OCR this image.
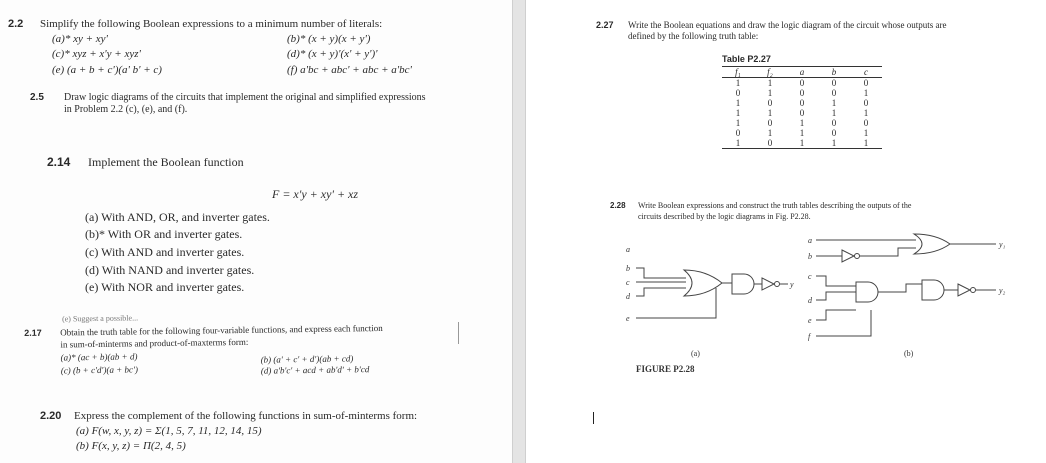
2.2 Simplify the following Boolean expressions to a minimum number of literals:
(a)* xy + xy'
(c)* xyz + x'y + xyz'
(e) (a + b + c')(a' b' + c)
(b)* (x + y)(x + y')
(d)* (x + y)'(x' + y')'
(f) a'bc + abc' + abc + a'bc'
2.5 Draw logic diagrams of the circuits that implement the original and simplified expressions
in Problem 2.2 (c), (e), and (f).
2.14 Implement the Boolean function
F = x'y + xy' + xz
(a) With AND, OR, and inverter gates.
(b)* With OR and inverter gates.
(c) With AND and inverter gates.
(d) With NAND and inverter gates.
(e) With NOR and inverter gates.
(e) Suggest a possible...
2.17 Obtain the truth table for the following four-variable functions, and express each function
in sum-of-minterms and product-of-maxterms form:
(a)* (ac + b)(ab + d)
(c) (b + c'd')(a + bc')
(b) (a' + c' + d')(ab + cd)
(d) a'b'c' + acd + ab'd' + b'cd
2.20 Express the complement of the following functions in sum-of-minterms form:
(a) F(w, x, y, z) = Σ(1, 5, 7, 11, 12, 14, 15)
(b) F(x, y, z) = Π(2, 4, 5)
2.27 Write the Boolean equations and draw the logic diagram of the circuit whose outputs are
defined by the following truth table:
Table P2.27
f₁	f₂	a	b	c
1	1	0	0	0
0	1	0	0	1
1	0	0	1	0
1	1	0	1	1
1	0	1	0	0
0	1	1	0	1
1	0	1	1	1
2.28 Write Boolean expressions and construct the truth tables describing the outputs of the
circuits described by the logic diagrams in Fig. P2.28.
a
b
c
d
e
y
a
b
c
d
e
f
y₁
y₂
(a)	(b)
FIGURE P2.28
